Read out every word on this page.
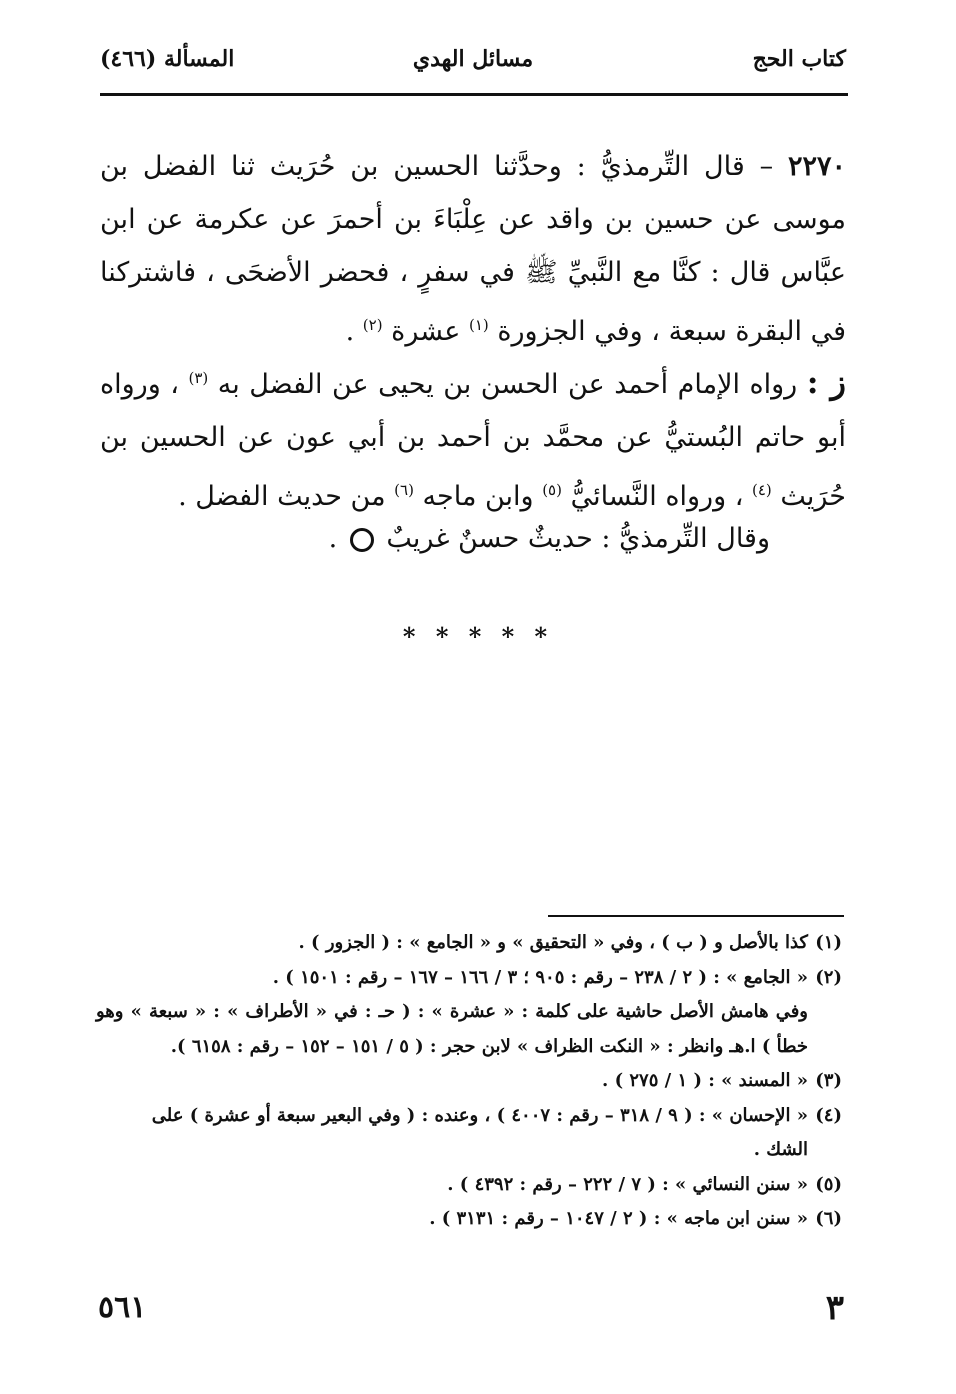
كتاب الحج
مسائل الهدي
المسألة (٤٦٦)
٢٢٧٠ – قال التِّرمذيُّ : وحدَّثنا الحسين بن حُرَيث ثنا الفضل بن موسى عن حسين بن واقد عن عِلْبَاءَ بن أحمرَ عن عكرمة عن ابن عبَّاس قال : كنَّا مع النَّبيِّ ﷺ في سفرٍ ، فحضر الأضحَى ، فاشتركنا في البقرة سبعة ، وفي الجزورة $^{(١)}$ عشرة $^{(٢)}$ .
ز : رواه الإمام أحمد عن الحسن بن يحيى عن الفضل به $^{(٣)}$ ، ورواه أبو حاتم البُستيُّ عن محمَّد بن أحمد بن أبي عون عن الحسين بن حُرَيث $^{(٤)}$ ، ورواه النَّسائيُّ $^{(٥)}$ وابن ماجه $^{(٦)}$ من حديث الفضل .
وقال التِّرمذيُّ : حديثٌ حسنٌ غريبٌ  .
* * * * *

(١)كذا بالأصل و ( ب ) ، وفي « التحقيق » و « الجامع » : ( الجزور ) .

(٢)« الجامع » : ( ٢ / ٢٣٨ – رقم : ٩٠٥ ؛ ٣ / ١٦٦ – ١٦٧ – رقم : ١٥٠١ ) .

وفي هامش الأصل حاشية على كلمة : « عشرة » : ( حـ : في « الأطراف » : « سبعة » وهو خطأ ) ا.هـ وانظر : « النكت الظراف » لابن حجر : ( ٥ / ١٥١ – ١٥٢ – رقم : ٦١٥٨ ).

(٣)« المسند » : ( ١ / ٢٧٥ ) .

(٤)« الإحسان » : ( ٩ / ٣١٨ – رقم : ٤٠٠٧ ) ، وعنده : ( وفي البعير سبعة أو عشرة ) على

الشك .

(٥)« سنن النسائي » : ( ٧ / ٢٢٢ – رقم : ٤٣٩٢ ) .

(٦)« سنن ابن ماجه » : ( ٢ / ١٠٤٧ – رقم : ٣١٣١ ) .

٥٦١	٣
